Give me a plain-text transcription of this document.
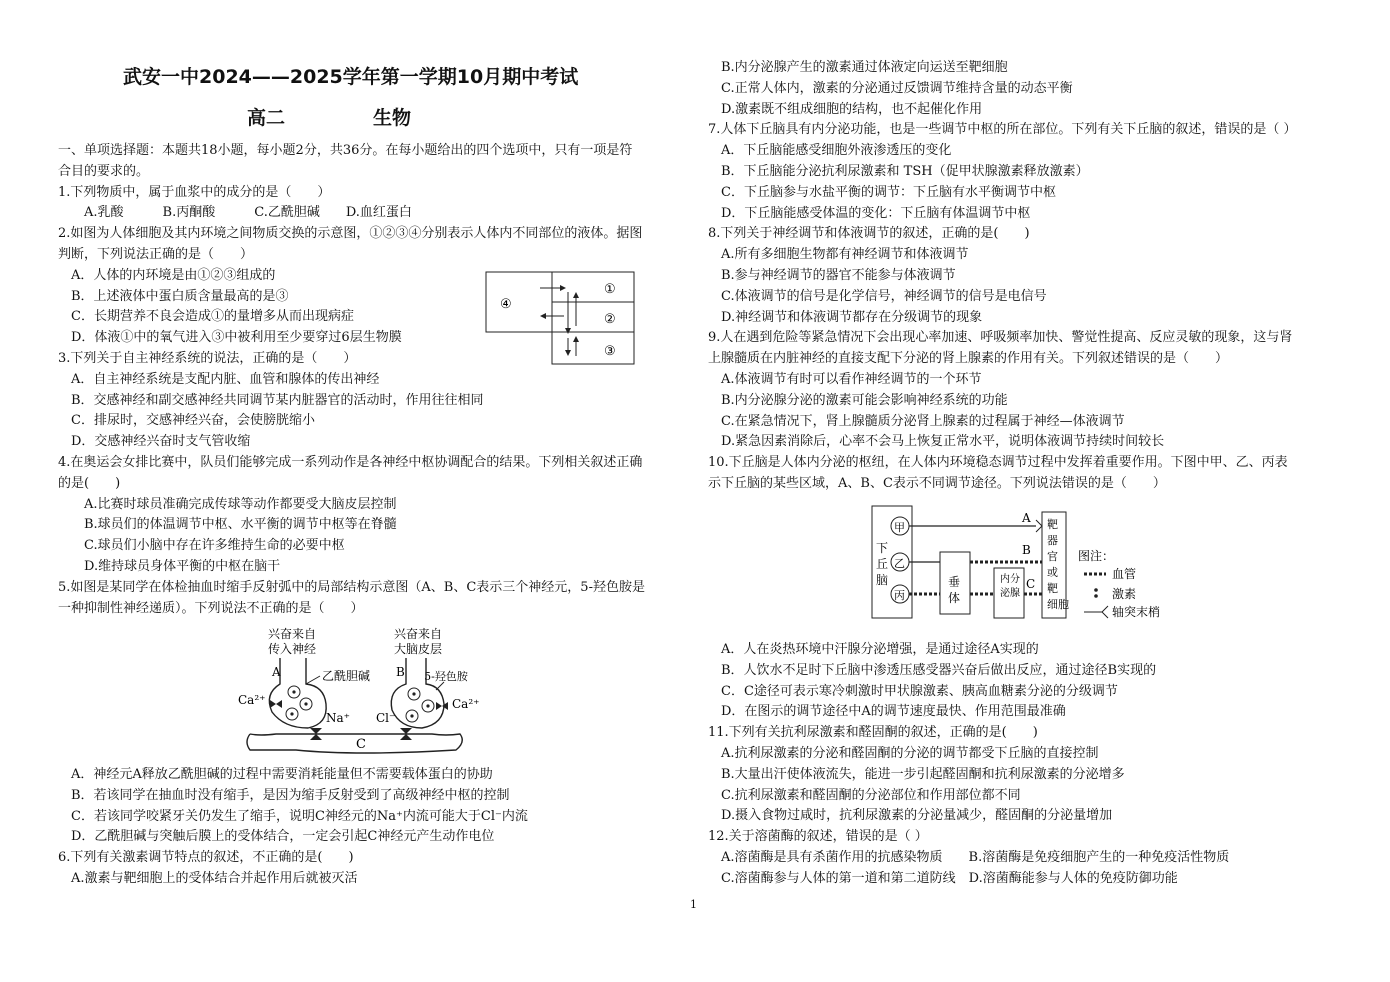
武安一中2024——2025学年第一学期10月期中考试
高二	生物
一、单项选择题：本题共18小题，每小题2分，共36分。在每小题给出的四个选项中，只有一项是符
合目的要求的。
1.下列物质中，属于血浆中的成分的是（　　）
　　A.乳酸　　　B.丙酮酸　　　C.乙酰胆碱　　D.血红蛋白
2.如图为人体细胞及其内环境之间物质交换的示意图，①②③④分别表示人体内不同部位的液体。据图
判断，下列说法正确的是（　　）
　A．人体的内环境是由①②③组成的
　B．上述液体中蛋白质含量最高的是③
　C．长期营养不良会造成①的量增多从而出现病症
　D．体液①中的氧气进入③中被利用至少要穿过6层生物膜
3.下列关于自主神经系统的说法，正确的是（　　）
　A．自主神经系统是支配内脏、血管和腺体的传出神经
　B．交感神经和副交感神经共同调节某内脏器官的活动时，作用往往相同
　C．排尿时，交感神经兴奋，会使膀胱缩小
　D．交感神经兴奋时支气管收缩
4.在奥运会女排比赛中，队员们能够完成一系列动作是各神经中枢协调配合的结果。下列相关叙述正确
的是(　　)
　　A.比赛时球员准确完成传球等动作都要受大脑皮层控制
　　B.球员们的体温调节中枢、水平衡的调节中枢等在脊髓
　　C.球员们小脑中存在许多维持生命的必要中枢
　　D.维持球员身体平衡的中枢在脑干
5.如图是某同学在体检抽血时缩手反射弧中的局部结构示意图（A、B、C表示三个神经元，5-羟色胺是
一种抑制性神经递质）。下列说法不正确的是（　　）
　A．神经元A释放乙酰胆碱的过程中需要消耗能量但不需要载体蛋白的协助
　B．若该同学在抽血时没有缩手，是因为缩手反射受到了高级神经中枢的控制
　C．若该同学咬紧牙关仍发生了缩手，说明C神经元的Na⁺内流可能大于Cl⁻内流
　D．乙酰胆碱与突触后膜上的受体结合，一定会引起C神经元产生动作电位
6.下列有关激素调节特点的叙述，不正确的是(　　)
　A.激素与靶细胞上的受体结合并起作用后就被灭活
　B.内分泌腺产生的激素通过体液定向运送至靶细胞
　C.正常人体内，激素的分泌通过反馈调节维持含量的动态平衡
　D.激素既不组成细胞的结构，也不起催化作用
7.人体下丘脑具有内分泌功能，也是一些调节中枢的所在部位。下列有关下丘脑的叙述，错误的是（ ）
　A．下丘脑能感受细胞外液渗透压的变化
　B．下丘脑能分泌抗利尿激素和 TSH（促甲状腺激素释放激素）
　C．下丘脑参与水盐平衡的调节：下丘脑有水平衡调节中枢
　D．下丘脑能感受体温的变化：下丘脑有体温调节中枢
8.下列关于神经调节和体液调节的叙述，正确的是(　　)
　A.所有多细胞生物都有神经调节和体液调节
　B.参与神经调节的器官不能参与体液调节
　C.体液调节的信号是化学信号，神经调节的信号是电信号
　D.神经调节和体液调节都存在分级调节的现象
9.人在遇到危险等紧急情况下会出现心率加速、呼吸频率加快、警觉性提高、反应灵敏的现象，这与肾
上腺髓质在内脏神经的直接支配下分泌的肾上腺素的作用有关。下列叙述错误的是（　　）
　A.体液调节有时可以看作神经调节的一个环节
　B.内分泌腺分泌的激素可能会影响神经系统的功能
　C.在紧急情况下，肾上腺髓质分泌肾上腺素的过程属于神经—体液调节
　D.紧急因素消除后，心率不会马上恢复正常水平，说明体液调节持续时间较长
10.下丘脑是人体内分泌的枢纽，在人体内环境稳态调节过程中发挥着重要作用。下图中甲、乙、丙表
示下丘脑的某些区域，A、B、C表示不同调节途径。下列说法错误的是（　　）
　A．人在炎热环境中汗腺分泌增强，是通过途径A实现的
　B．人饮水不足时下丘脑中渗透压感受器兴奋后做出反应，通过途径B实现的
　C．C途径可表示寒冷刺激时甲状腺激素、胰高血糖素分泌的分级调节
　D．在图示的调节途径中A的调节速度最快、作用范围最准确
11.下列有关抗利尿激素和醛固酮的叙述，正确的是(　　)
　A.抗利尿激素的分泌和醛固酮的分泌的调节都受下丘脑的直接控制
　B.大量出汗使体液流失，能进一步引起醛固酮和抗利尿激素的分泌增多
　C.抗利尿激素和醛固酮的分泌部位和作用部位都不同
　D.摄入食物过咸时，抗利尿激素的分泌量减少，醛固酮的分泌量增加
12.关于溶菌酶的叙述，错误的是（ ）
　A.溶菌酶是具有杀菌作用的抗感染物质　　B.溶菌酶是免疫细胞产生的一种免疫活性物质
　C.溶菌酶参与人体的第一道和第二道防线　D.溶菌酶能参与人体的免疫防御功能
④
①
②
③
兴奋来自
传入神经
兴奋来自
大脑皮层
A	B
乙酰胆碱	5-羟色胺
Ca²⁺	Ca²⁺
Na⁺ Cl⁻
C
下
丘
脑
甲
乙
丙
垂
体
内分
泌腺
靶
器
官
或
靶
细胞
A
B
C
图注：
血管
激素
轴突末梢
1
